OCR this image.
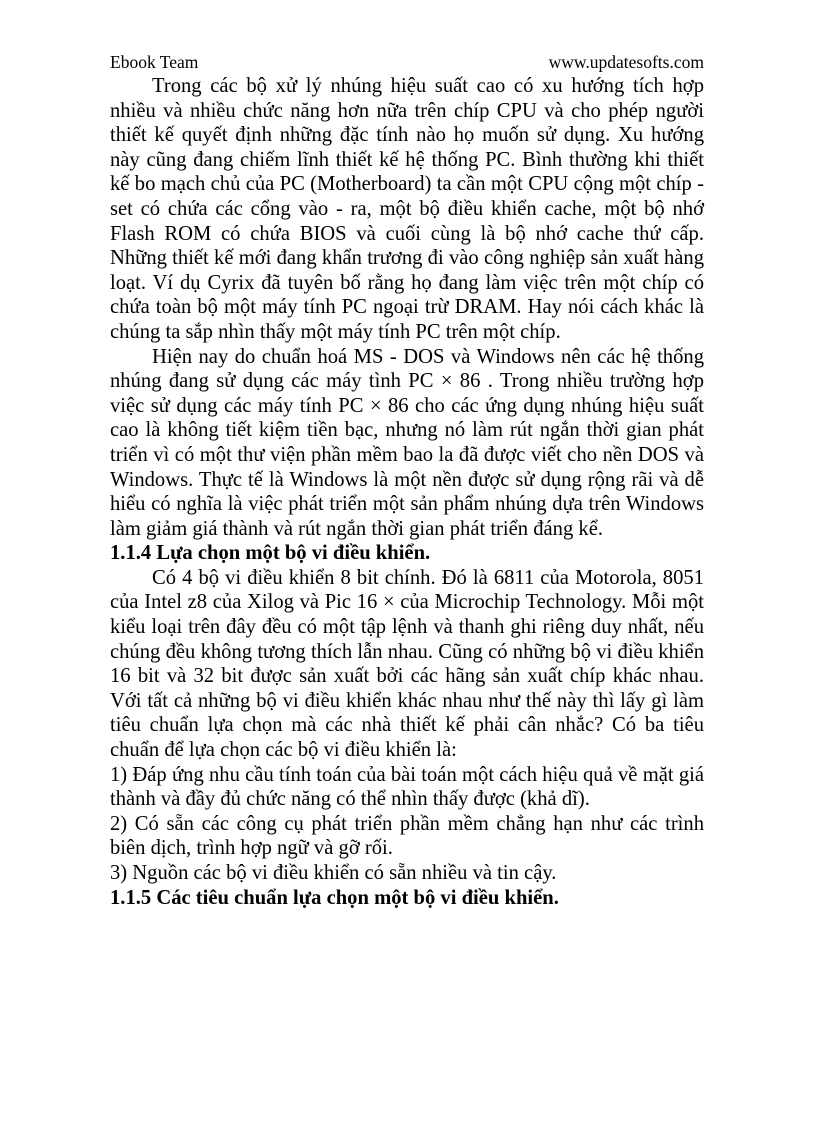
Ebook Team	www.updatesofts.com

Trong các bộ xử lý nhúng hiệu suất cao có xu hướng tích hợp nhiều và nhiều chức năng hơn nữa trên chíp CPU và cho phép người thiết kế quyết định những đặc tính nào họ muốn sử dụng. Xu hướng này cũng đang chiếm lĩnh thiết kế hệ thống PC. Bình thường khi thiết kế bo mạch chủ của PC (Motherboard) ta cần một CPU cộng một chíp - set có chứa các cổng vào - ra, một bộ điều khiển cache, một bộ nhớ Flash ROM có chứa BIOS và cuối cùng là bộ nhớ cache thứ cấp. Những thiết kế mới đang khẩn trương đi vào công nghiệp sản xuất hàng loạt. Ví dụ Cyrix đã tuyên bố rằng họ đang làm việc trên một chíp có chứa toàn bộ một máy tính PC ngoại trừ DRAM. Hay nói cách khác là chúng ta sắp nhìn thấy một máy tính PC trên một chíp.

Hiện nay do chuẩn hoá MS - DOS và Windows nên các hệ thống nhúng đang sử dụng các máy tình PC × 86 . Trong nhiều trường hợp việc sử dụng các máy tính PC × 86 cho các ứng dụng nhúng hiệu suất cao là không tiết kiệm tiền bạc, nhưng nó làm rút ngắn thời gian phát triển vì có một thư viện phần mềm bao la đã được viết cho nền DOS và Windows. Thực tế là Windows là một nền được sử dụng rộng rãi và dễ hiểu có nghĩa là việc phát triển một sản phẩm nhúng dựa trên Windows làm giảm giá thành và rút ngắn thời gian phát triển đáng kể.

1.1.4 Lựa chọn một bộ vi điều khiển.

Có 4 bộ vi điều khiển 8 bit chính. Đó là 6811 của Motorola, 8051 của Intel z8 của Xilog và Pic 16 × của Microchip Technology. Mỗi một kiểu loại trên đây đều có một tập lệnh và thanh ghi riêng duy nhất, nếu chúng đều không tương thích lẫn nhau. Cũng có những bộ vi điều khiển 16 bit và 32 bit được sản xuất bởi các hãng sản xuất chíp khác nhau. Với tất cả những bộ vi điều khiển khác nhau như thế này thì lấy gì làm tiêu chuẩn lựa chọn mà các nhà thiết kế phải cân nhắc? Có ba tiêu chuẩn để lựa chọn các bộ vi điều khiển là:

1) Đáp ứng nhu cầu tính toán của bài toán một cách hiệu quả về mặt giá thành và đầy đủ chức năng có thể nhìn thấy được (khả dĩ).

2) Có sẵn các công cụ phát triển phần mềm chẳng hạn như các trình biên dịch, trình hợp ngữ và gỡ rối.

3) Nguồn các bộ vi điều khiển có sẵn nhiều và tin cậy.

1.1.5 Các tiêu chuẩn lựa chọn một bộ vi điều khiển.
